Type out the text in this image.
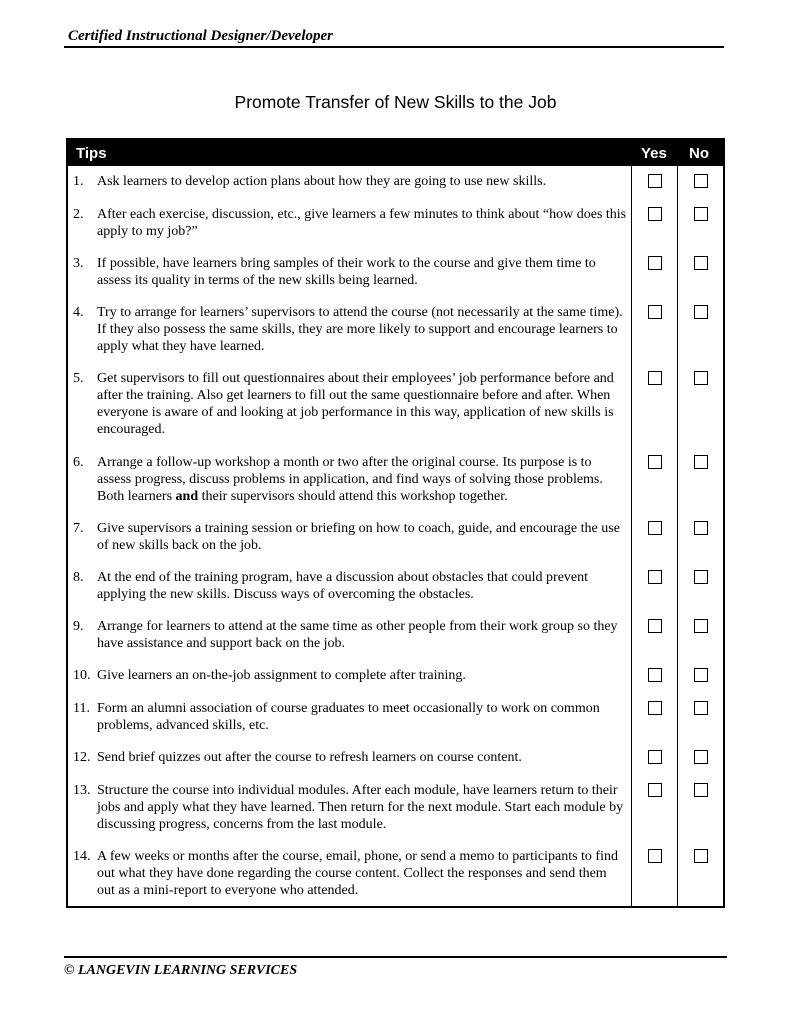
Certified Instructional Designer/Developer
Promote Transfer of New Skills to the Job
Tips	Yes No
1. Ask learners to develop action plans about how they are going to use new skills.
2. After each exercise, discussion, etc., give learners a few minutes to think about “how does this apply to my job?”
3. If possible, have learners bring samples of their work to the course and give them time to assess its quality in terms of the new skills being learned.
4. Try to arrange for learners’ supervisors to attend the course (not necessarily at the same time). If they also possess the same skills, they are more likely to support and encourage learners to apply what they have learned.
5. Get supervisors to fill out questionnaires about their employees’ job performance before and after the training. Also get learners to fill out the same questionnaire before and after. When everyone is aware of and looking at job performance in this way, application of new skills is encouraged.
6. Arrange a follow-up workshop a month or two after the original course. Its purpose is to assess progress, discuss problems in application, and find ways of solving those problems. Both learners and their supervisors should attend this workshop together.
7. Give supervisors a training session or briefing on how to coach, guide, and encourage the use of new skills back on the job.
8. At the end of the training program, have a discussion about obstacles that could prevent applying the new skills. Discuss ways of overcoming the obstacles.
9. Arrange for learners to attend at the same time as other people from their work group so they have assistance and support back on the job.
10. Give learners an on-the-job assignment to complete after training.
11. Form an alumni association of course graduates to meet occasionally to work on common problems, advanced skills, etc.
12. Send brief quizzes out after the course to refresh learners on course content.
13. Structure the course into individual modules. After each module, have learners return to their jobs and apply what they have learned. Then return for the next module. Start each module by discussing progress, concerns from the last module.
14. A few weeks or months after the course, email, phone, or send a memo to participants to find out what they have done regarding the course content. Collect the responses and send them out as a mini-report to everyone who attended.
© LANGEVIN LEARNING SERVICES
